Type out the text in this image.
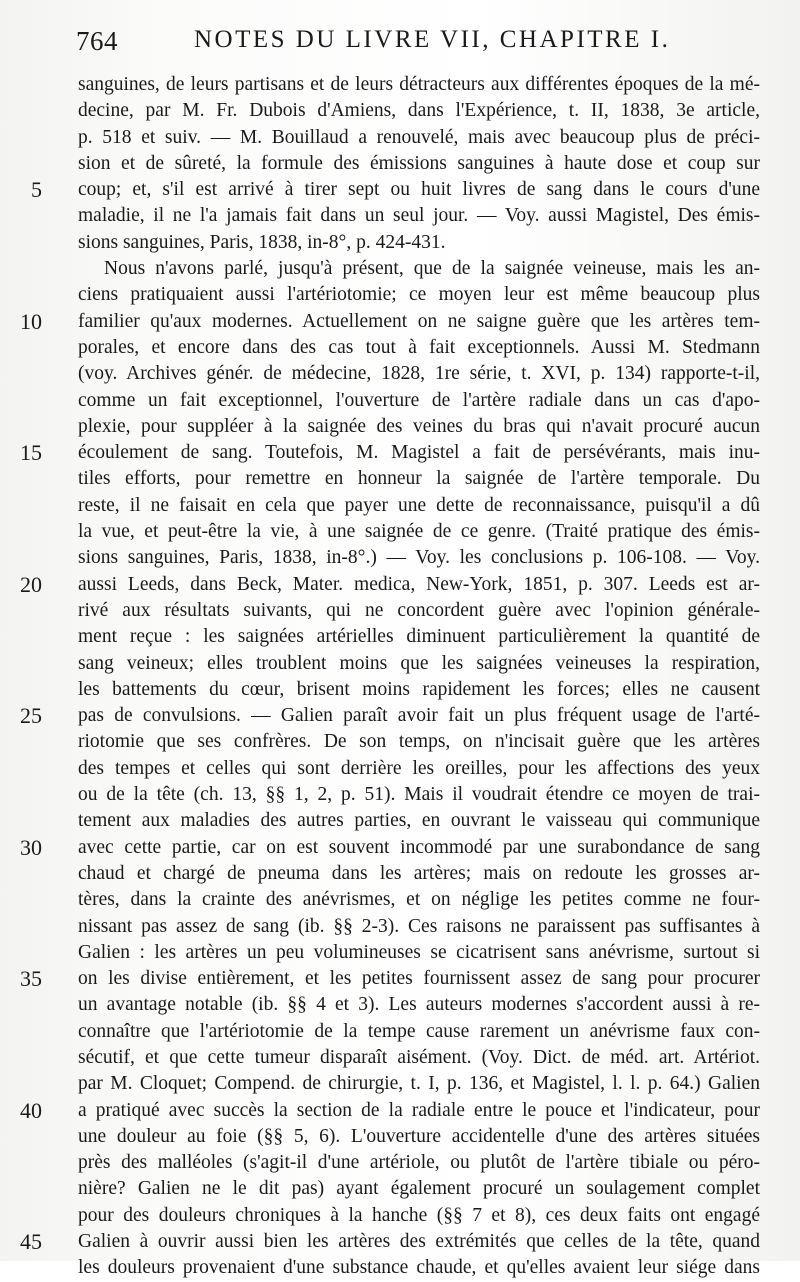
764	NOTES DU LIVRE VII, CHAPITRE I.
sanguines, de leurs partisans et de leurs détracteurs aux différentes époques de la mé-
decine, par M. Fr. Dubois d'Amiens, dans l'Expérience, t. II, 1838, 3e article,
p. 518 et suiv. — M. Bouillaud a renouvelé, mais avec beaucoup plus de préci-
sion et de sûreté, la formule des émissions sanguines à haute dose et coup sur
5 coup; et, s'il est arrivé à tirer sept ou huit livres de sang dans le cours d'une
maladie, il ne l'a jamais fait dans un seul jour. — Voy. aussi Magistel, Des émis-
sions sanguines, Paris, 1838, in-8°, p. 424-431.
Nous n'avons parlé, jusqu'à présent, que de la saignée veineuse, mais les an-
ciens pratiquaient aussi l'artériotomie; ce moyen leur est même beaucoup plus
10 familier qu'aux modernes. Actuellement on ne saigne guère que les artères tem-
porales, et encore dans des cas tout à fait exceptionnels. Aussi M. Stedmann
(voy. Archives génér. de médecine, 1828, 1re série, t. XVI, p. 134) rapporte-t-il,
comme un fait exceptionnel, l'ouverture de l'artère radiale dans un cas d'apo-
plexie, pour suppléer à la saignée des veines du bras qui n'avait procuré aucun
15 écoulement de sang. Toutefois, M. Magistel a fait de persévérants, mais inu-
tiles efforts, pour remettre en honneur la saignée de l'artère temporale. Du
reste, il ne faisait en cela que payer une dette de reconnaissance, puisqu'il a dû
la vue, et peut-être la vie, à une saignée de ce genre. (Traité pratique des émis-
sions sanguines, Paris, 1838, in-8°.) — Voy. les conclusions p. 106-108. — Voy.
20 aussi Leeds, dans Beck, Mater. medica, New-York, 1851, p. 307. Leeds est ar-
rivé aux résultats suivants, qui ne concordent guère avec l'opinion générale-
ment reçue : les saignées artérielles diminuent particulièrement la quantité de
sang veineux; elles troublent moins que les saignées veineuses la respiration,
les battements du cœur, brisent moins rapidement les forces; elles ne causent
25 pas de convulsions. — Galien paraît avoir fait un plus fréquent usage de l'arté-
riotomie que ses confrères. De son temps, on n'incisait guère que les artères
des tempes et celles qui sont derrière les oreilles, pour les affections des yeux
ou de la tête (ch. 13, §§ 1, 2, p. 51). Mais il voudrait étendre ce moyen de trai-
tement aux maladies des autres parties, en ouvrant le vaisseau qui communique
30 avec cette partie, car on est souvent incommodé par une surabondance de sang
chaud et chargé de pneuma dans les artères; mais on redoute les grosses ar-
tères, dans la crainte des anévrismes, et on néglige les petites comme ne four-
nissant pas assez de sang (ib. §§ 2-3). Ces raisons ne paraissent pas suffisantes à
Galien : les artères un peu volumineuses se cicatrisent sans anévrisme, surtout si
35 on les divise entièrement, et les petites fournissent assez de sang pour procurer
un avantage notable (ib. §§ 4 et 3). Les auteurs modernes s'accordent aussi à re-
connaître que l'artériotomie de la tempe cause rarement un anévrisme faux con-
sécutif, et que cette tumeur disparaît aisément. (Voy. Dict. de méd. art. Artériot.
par M. Cloquet; Compend. de chirurgie, t. I, p. 136, et Magistel, l. l. p. 64.) Galien
40 a pratiqué avec succès la section de la radiale entre le pouce et l'indicateur, pour
une douleur au foie (§§ 5, 6). L'ouverture accidentelle d'une des artères situées
près des malléoles (s'agit-il d'une artériole, ou plutôt de l'artère tibiale ou péro-
nière? Galien ne le dit pas) ayant également procuré un soulagement complet
pour des douleurs chroniques à la hanche (§§ 7 et 8), ces deux faits ont engagé
45 Galien à ouvrir aussi bien les artères des extrémités que celles de la tête, quand
les douleurs provenaient d'une substance chaude, et qu'elles avaient leur siége dans
